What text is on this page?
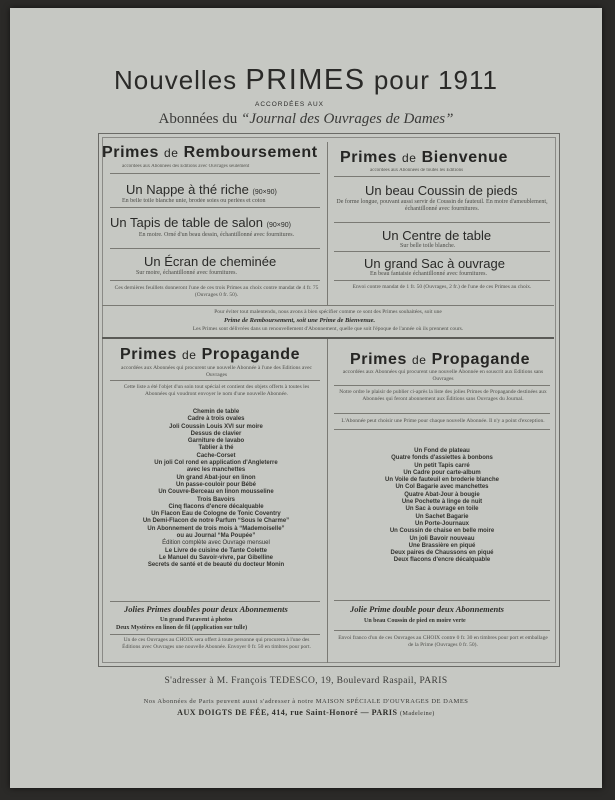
Nouvelles PRIMES pour 1911
ACCORDÉES AUX
Abonnées du “Journal des Ouvrages de Dames”
Primes de Remboursement
accordées aux Abonnées des Éditions avec Ouvrages seulement
Un Nappe à thé riche (90×90)
En belle toile blanche unie, brodée soies ou perlées et coton
Un Tapis de table de salon (90×90)
En moire. Orné d'un beau dessin, échantillonné avec fournitures.
Un Écran de cheminée
Sur moire, échantillonné avec fournitures.
Ces dernières feuillets donneront l'une de ces trois Primes au choix contre mandat de 4 fr. 75 (Ouvrages 0 fr. 50).
Primes de Bienvenue
accordées aux Abonnées de toutes les Éditions
Un beau Coussin de pieds
De forme longue, pouvant aussi servir de Coussin de fauteuil. En moire d'ameublement, échantillonné avec fournitures.
Un Centre de table
Sur belle toile blanche.
Un grand Sac à ouvrage
En beau fantaisie échantillonné avec fournitures.
Envoi contre mandat de 1 fr. 50 (Ouvrages, 2 fr.) de l'une de ces Primes au choix.
Pour éviter tout malentendu, nous avons à bien spécifier comme ce sont des Primes souhaitées, soit une
Prime de Remboursement, soit une Prime de Bienvenue.
Les Primes sont délivrées dans un renouvellement d'Abonnement, quelle que soit l'époque de l'année où ils prennent cours.
Primes de Propagande
accordées aux Abonnées qui procurent une nouvelle Abonnée à l'une des Éditions avec Ouvrages
Cette liste a été l'objet d'un soin tout spécial et contient des objets offerts à toutes les Abonnées qui voudront envoyer le nom d'une nouvelle Abonnée.
Chemin de table
Cadre à trois ovales
Joli Coussin Louis XVI sur moire
Dessus de clavier
Garniture de lavabo
Tablier à thé
Cache-Corset
Un joli Col rond en application d'Angleterre
avec les manchettes
Un grand Abat-jour en linon
Un passe-couloir pour Bébé
Un Couvre-Berceau en linon mousseline
Trois Bavoirs
Cinq flacons d'encre décalquable
Un Flacon Eau de Cologne de Tonic Coventry
Un Demi-Flacon de notre Parfum “Sous le Charme”
Un Abonnement de trois mois à “Mademoiselle”
ou au Journal “Ma Poupée”
Édition complète avec Ouvrage mensuel
Le Livre de cuisine de Tante Colette
Le Manuel du Savoir-vivre, par Gibelline
Secrets de santé et de beauté du docteur Monin
Jolies Primes doubles pour deux Abonnements
Un grand Paravent à photos
Deux Mystères en linon de fil (application sur tulle)
Un de ces Ouvrages au CHOIX sera offert à toute personne qui procurera à l'une des Éditions avec Ouvrages une nouvelle Abonnée. Envoyer 0 fr. 50 en timbres pour port.
Primes de Propagande
accordées aux Abonnées qui procurent une nouvelle Abonnée en souscrit aux Éditions sans Ouvrages
Notre ordre le plaisir de publier ci-après la liste des jolies Primes de Propagande destinées aux Abonnées qui feront abonnement aux Éditions sans Ouvrages du Journal.
L'Abonnée peut choisir une Prime pour chaque nouvelle Abonnée. Il n'y a point d'exception.
Un Fond de plateau
Quatre fonds d'assiettes à bonbons
Un petit Tapis carré
Un Cadre pour carte-album
Un Voile de fauteuil en broderie blanche
Un Col Bagarie avec manchettes
Quatre Abat-Jour à bougie
Une Pochette à linge de nuit
Un Sac à ouvrage en toile
Un Sachet Bagarie
Un Porte-Journaux
Un Coussin de chaise en belle moire
Un joli Bavoir nouveau
Une Brassière en piqué
Deux paires de Chaussons en piqué
Deux flacons d'encre décalquable
Jolie Prime double pour deux Abonnements
Un beau Coussin de pied en moire verte
Envoi franco d'un de ces Ouvrages au CHOIX contre 0 fr. 30 en timbres pour port et emballage de la Prime (Ouvrages 0 fr. 50).
S'adresser à M. François TEDESCO, 19, Boulevard Raspail, PARIS
Nos Abonnées de Paris peuvent aussi s'adresser à notre MAISON SPÉCIALE D'OUVRAGES DE DAMES
AUX DOIGTS DE FÉE, 414, rue Saint-Honoré — PARIS (Madeleine)
